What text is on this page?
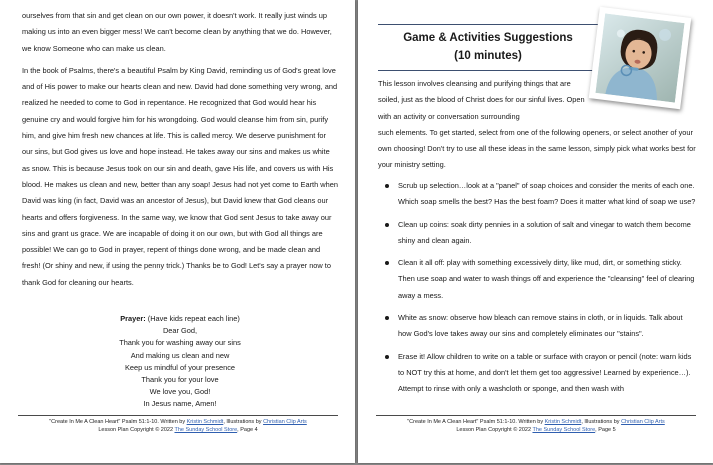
ourselves from that sin and get clean on our own power, it doesn't work. It really just winds up making us into an even bigger mess! We can't become clean by anything that we do. However, we know Someone who can make us clean.

In the book of Psalms, there's a beautiful Psalm by King David, reminding us of God's great love and of His power to make our hearts clean and new. David had done something very wrong, and realized he needed to come to God in repentance. He recognized that God would hear his genuine cry and would forgive him for his wrongdoing. God would cleanse him from sin, purify him, and give him fresh new chances at life. This is called mercy. We deserve punishment for our sins, but God gives us love and hope instead. He takes away our sins and makes us white as snow. This is because Jesus took on our sin and death, gave His life, and covers us with His blood. He makes us clean and new, better than any soap! Jesus had not yet come to Earth when David was king (in fact, David was an ancestor of Jesus), but David knew that God cleans our hearts and offers forgiveness. In the same way, we know that God sent Jesus to take away our sins and grant us grace. We are incapable of doing it on our own, but with God all things are possible! We can go to God in prayer, repent of things done wrong, and be made clean and fresh! (Or shiny and new, if using the penny trick.) Thanks be to God! Let's say a prayer now to thank God for cleaning our hearts.

Prayer: (Have kids repeat each line)
Dear God,
Thank you for washing away our sins
And making us clean and new
Keep us mindful of your presence
Thank you for your love
We love you, God!
In Jesus name, Amen!
"Create In Me A Clean Heart" Psalm 51:1-10. Written by Kristin Schmidt, Illustrations by Christian Clip Arts
Lesson Plan Copyright © 2022 The Sunday School Store, Page 4
Game & Activities Suggestions
(10 minutes)

This lesson involves cleansing and purifying things that are soiled, just as the blood of Christ does for our sinful lives. Open with an activity or conversation surrounding

such elements. To get started, select from one of the following openers, or select another of your own choosing! Don't try to use all these ideas in the same lesson, simply pick what works best for your ministry setting.

Scrub up selection…look at a "panel" of soap choices and consider the merits of each one. Which soap smells the best? Has the best foam? Does it matter what kind of soap we use?
Clean up coins: soak dirty pennies in a solution of salt and vinegar to watch them become shiny and clean again.
Clean it all off: play with something excessively dirty, like mud, dirt, or something sticky. Then use soap and water to wash things off and experience the "cleansing" feel of clearing away a mess.
White as snow: observe how bleach can remove stains in cloth, or in liquids. Talk about how God's love takes away our sins and completely eliminates our "stains".
Erase it! Allow children to write on a table or surface with crayon or pencil (note: warn kids to NOT try this at home, and don't let them get too aggressive! Learned by experience…). Attempt to rinse with only a washcloth or sponge, and then wash with
"Create In Me A Clean Heart" Psalm 51:1-10. Written by Kristin Schmidt, Illustrations by Christian Clip Arts
Lesson Plan Copyright © 2022 The Sunday School Store, Page 5
